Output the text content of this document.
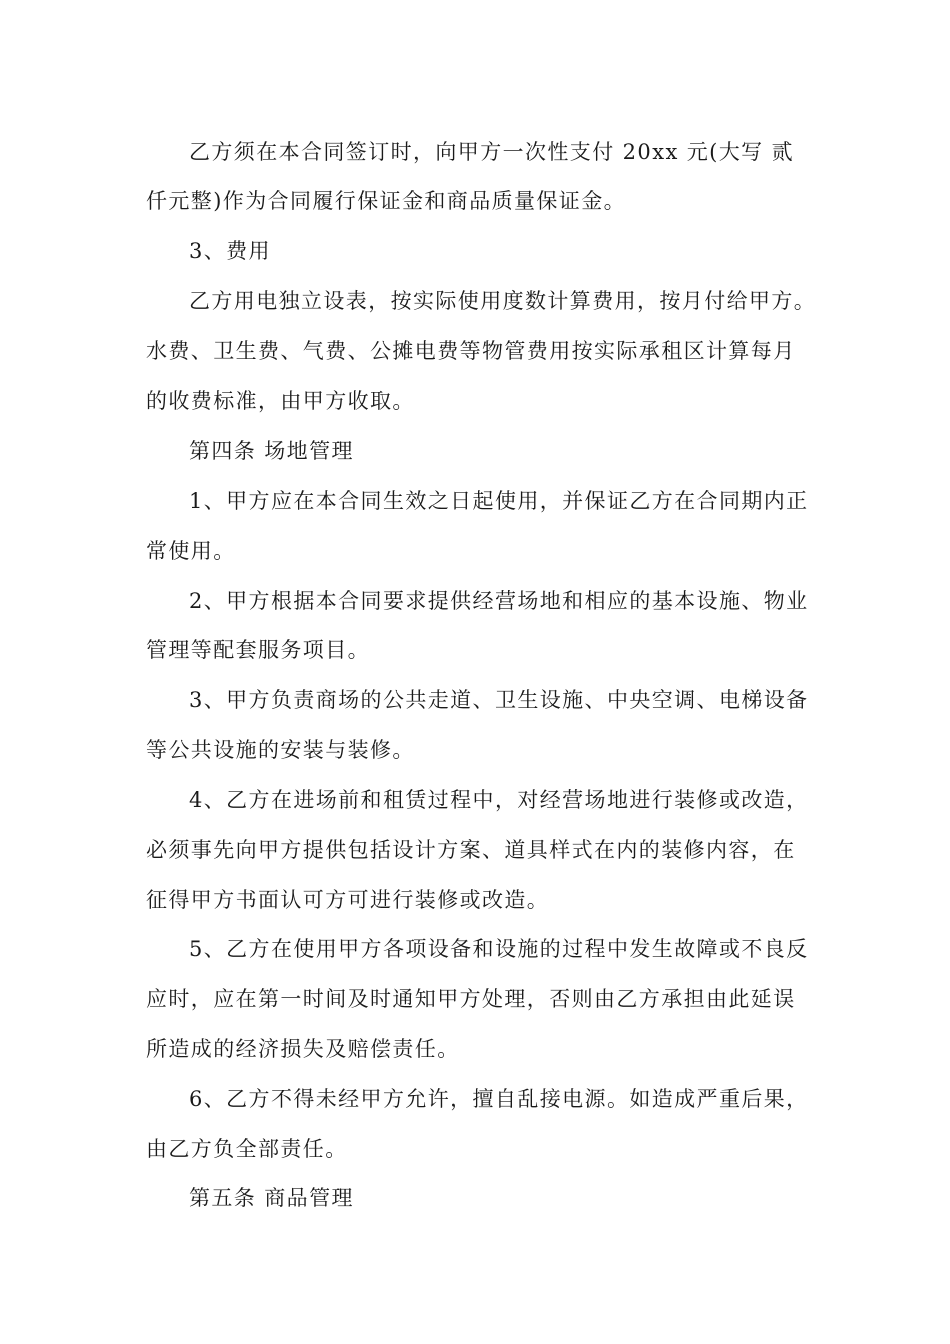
乙方须在本合同签订时，向甲方一次性支付 20xx 元(大写 贰
仟元整)作为合同履行保证金和商品质量保证金。
3、费用
乙方用电独立设表，按实际使用度数计算费用，按月付给甲方。
水费、卫生费、气费、公摊电费等物管费用按实际承租区计算每月
的收费标准，由甲方收取。
第四条 场地管理
1、甲方应在本合同生效之日起使用，并保证乙方在合同期内正
常使用。
2、甲方根据本合同要求提供经营场地和相应的基本设施、物业
管理等配套服务项目。
3、甲方负责商场的公共走道、卫生设施、中央空调、电梯设备
等公共设施的安装与装修。
4、乙方在进场前和租赁过程中，对经营场地进行装修或改造，
必须事先向甲方提供包括设计方案、道具样式在内的装修内容，在
征得甲方书面认可方可进行装修或改造。
5、乙方在使用甲方各项设备和设施的过程中发生故障或不良反
应时，应在第一时间及时通知甲方处理，否则由乙方承担由此延误
所造成的经济损失及赔偿责任。
6、乙方不得未经甲方允许，擅自乱接电源。如造成严重后果，
由乙方负全部责任。
第五条 商品管理
